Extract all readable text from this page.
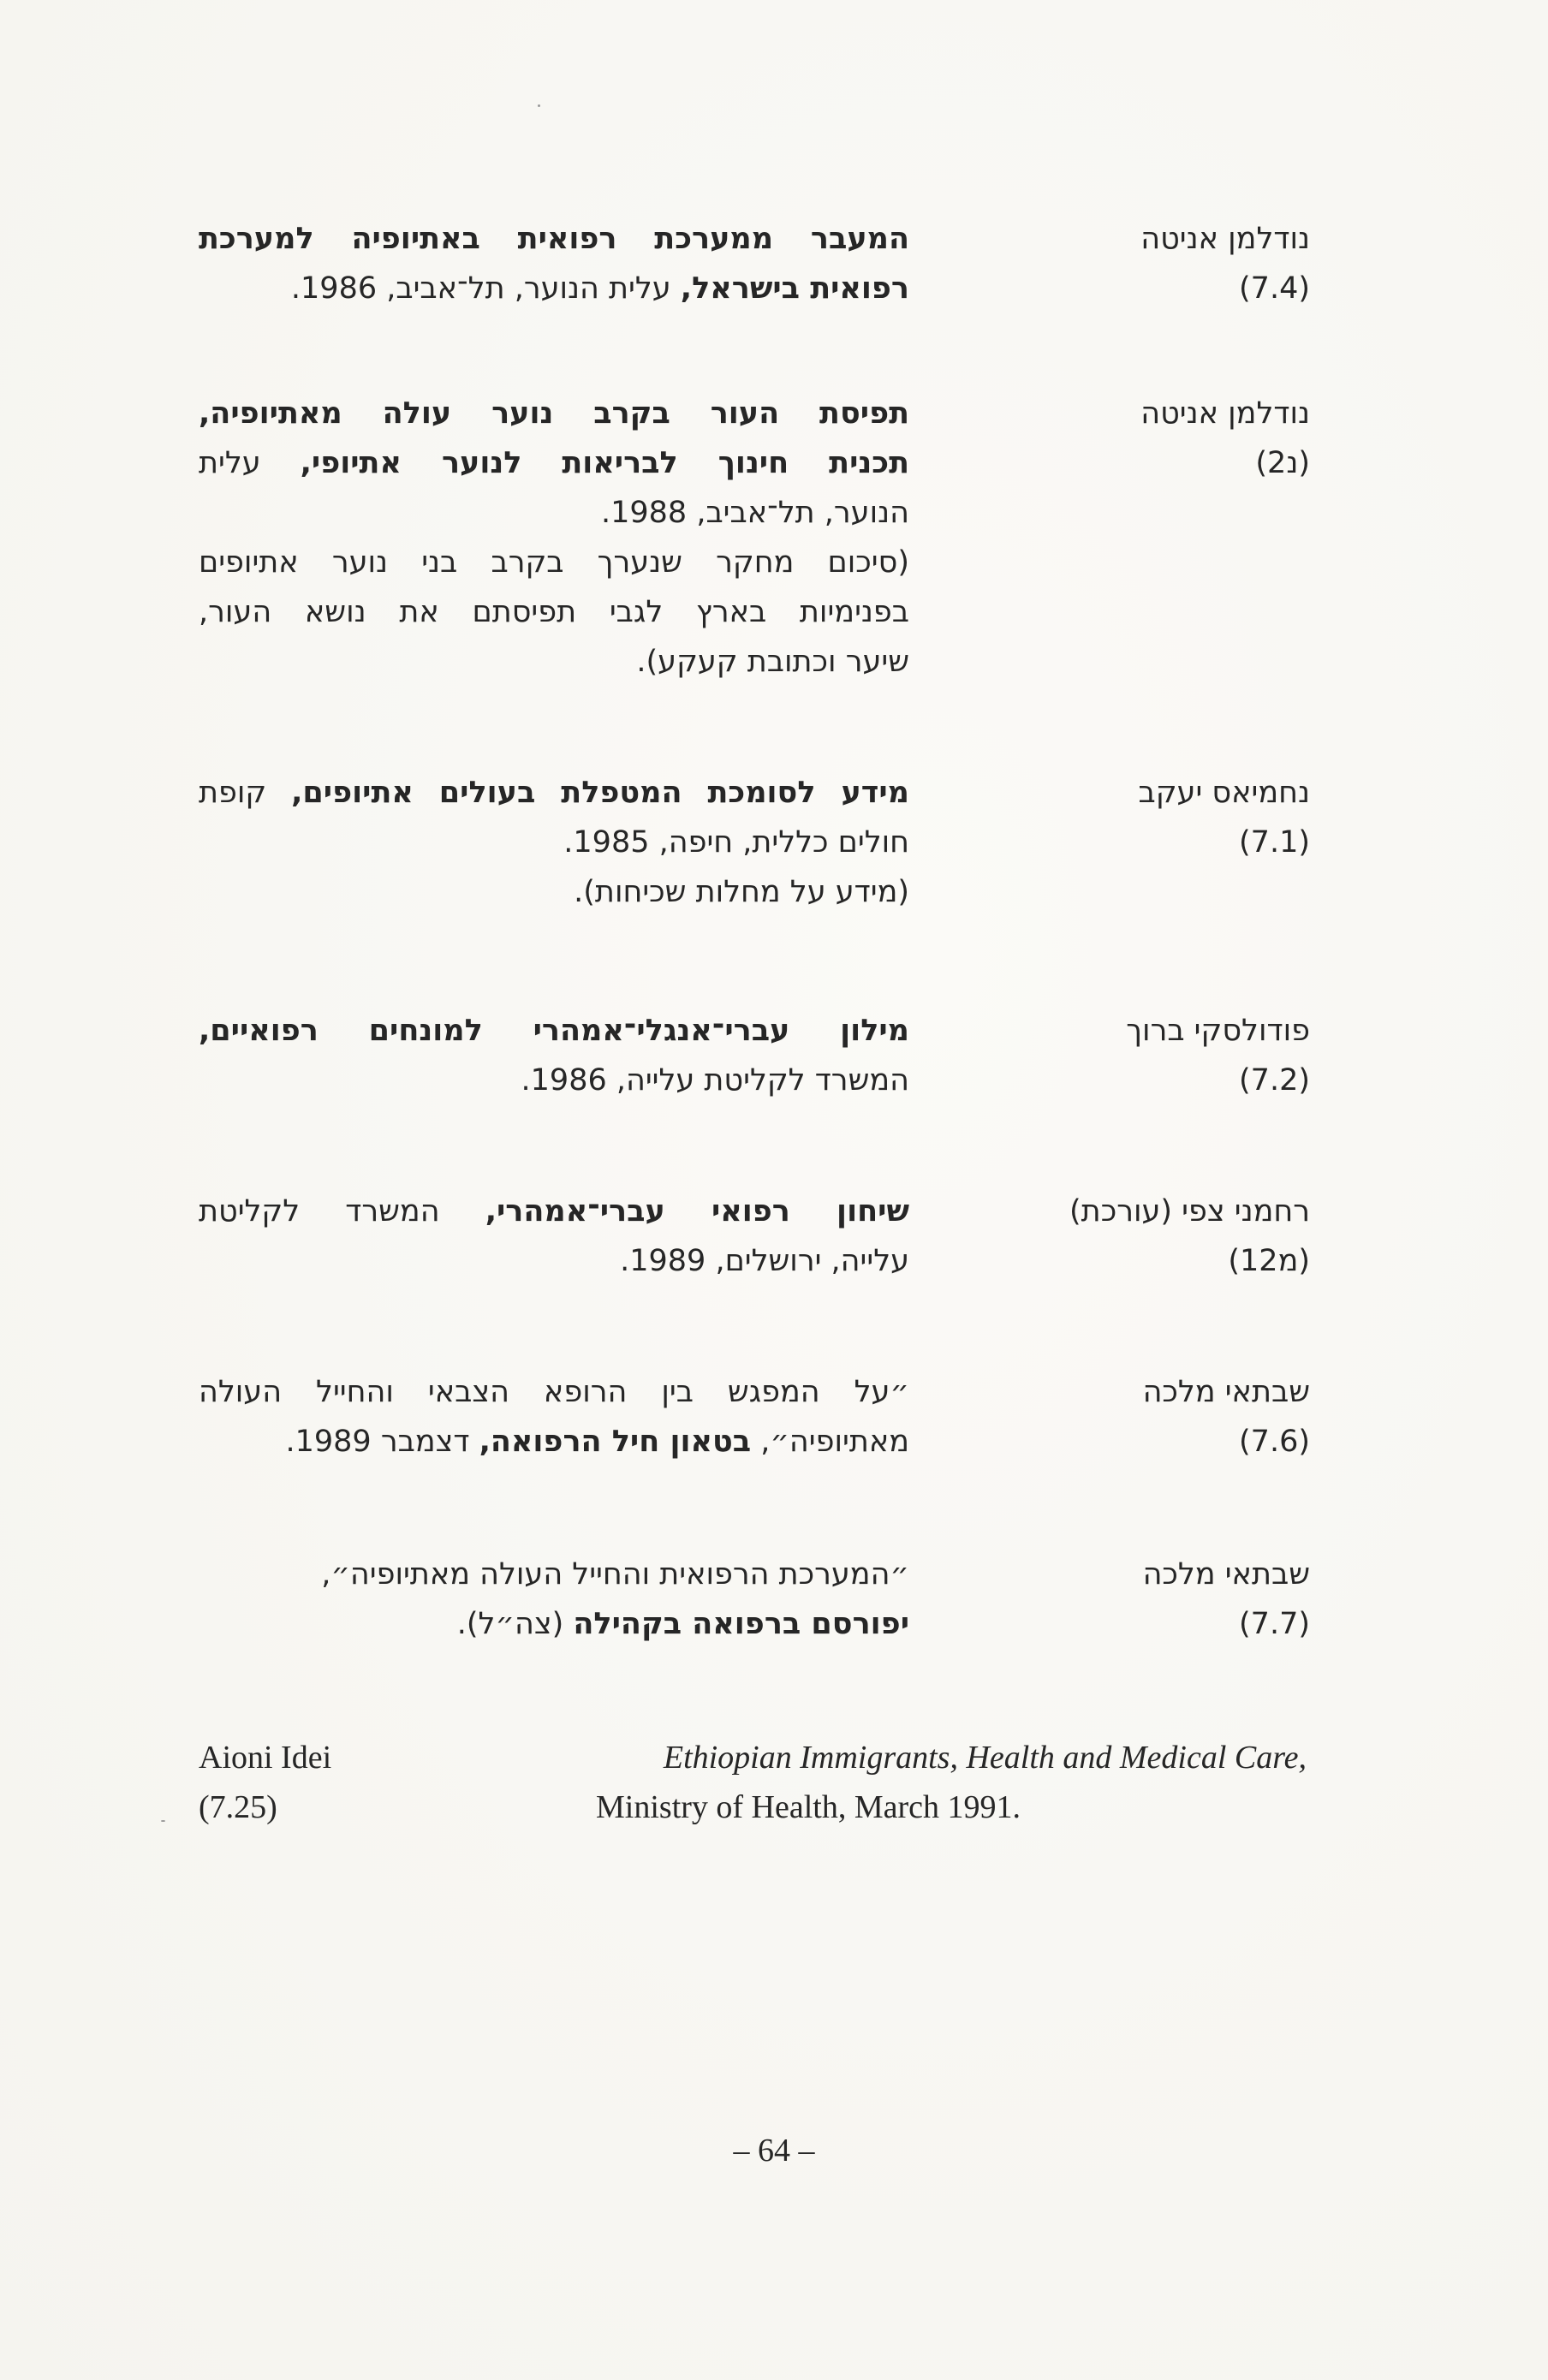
נודלמן אניטה
(7.4)
המעבר ממערכת רפואית באתיופיה למערכת
רפואית בישראל, עלית הנוער, תל־אביב, 1986.
נודלמן אניטה
(נ2)
תפיסת העור בקרב נוער עולה מאתיופיה,
תכנית חינוך לבריאות לנוער אתיופי, עלית
הנוער, תל־אביב, 1988.
(סיכום מחקר שנערך בקרב בני נוער אתיופים
בפנימיות בארץ לגבי תפיסתם את נושא העור,
שיער וכתובת קעקע).
נחמיאס יעקב
(7.1)
מידע לסומכת המטפלת בעולים אתיופים, קופת
חולים כללית, חיפה, 1985.
(מידע על מחלות שכיחות).
פודולסקי ברוך
(7.2)
מילון עברי־אנגלי־אמהרי למונחים רפואיים,
המשרד לקליטת עלייה, 1986.
רחמני צפי (עורכת)
(מ12)
שיחון רפואי עברי־אמהרי, המשרד לקליטת
עלייה, ירושלים, 1989.
שבתאי מלכה
(7.6)
״על המפגש בין הרופא הצבאי והחייל העולה
מאתיופיה״, בטאון חיל הרפואה, דצמבר 1989.
שבתאי מלכה
(7.7)
״המערכת הרפואית והחייל העולה מאתיופיה״,
יפורסם ברפואה בקהילה (צה״ל).
Aioni Idei
(7.25)
Ethiopian Immigrants, Health and Medical Care,
Ministry of Health, March 1991.
– 64 –
